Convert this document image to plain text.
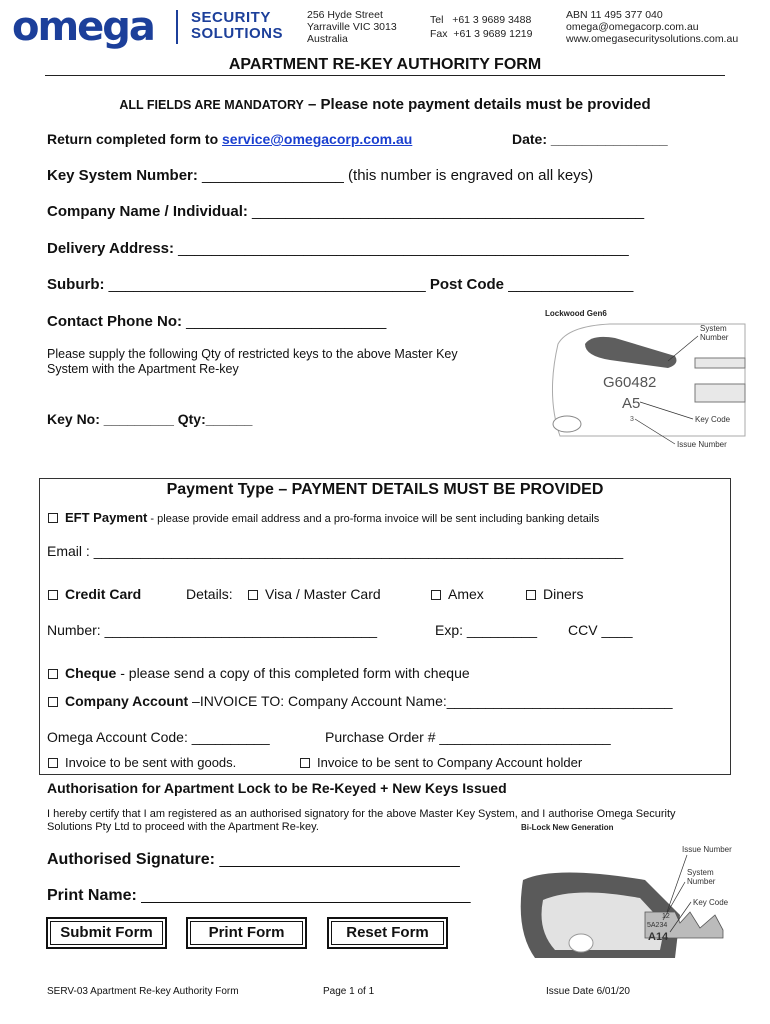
omega SECURITY
SOLUTIONS
256 Hyde Street
Yarraville VIC 3013
Australia
Tel +61 3 9689 3488
Fax +61 3 9689 1219
ABN 11 495 377 040
omega@omegacorp.com.au
www.omegasecuritysolutions.com.au
APARTMENT RE-KEY AUTHORITY FORM
ALL FIELDS ARE MANDATORY – Please note payment details must be provided
Return completed form to service@omegacorp.com.au	Date: _______________
Key System Number: _________________ (this number is engraved on all keys)
Company Name / Individual: _______________________________________________
Delivery Address: ______________________________________________________
Suburb: ______________________________________ Post Code _______________
Contact Phone No: ________________________
Please supply the following Qty of restricted keys to the above Master Key
System with the Apartment Re-key
Key No: _________ Qty:______
Lockwood Gen6
G60482
A5
3
System
Number
Key Code
Issue Number
Payment Type – PAYMENT DETAILS MUST BE PROVIDED
EFT Payment - please provide email address and a pro-forma invoice will be sent including banking details
Email : ____________________________________________________________________
Credit Card	Details:	Visa / Master Card	Amex	Diners
Number: ___________________________________	Exp: _________ CCV ____
Cheque - please send a copy of this completed form with cheque
Company Account –INVOICE TO: Company Account Name:_____________________________
Omega Account Code: __________	Purchase Order # ______________________
Invoice to be sent with goods.	Invoice to be sent to Company Account holder
Authorisation for Apartment Lock to be Re-Keyed + New Keys Issued
I hereby certify that I am registered as an authorised signatory for the above Master Key System, and I authorise Omega Security
Solutions Pty Ltd to proceed with the Apartment Re-key.
Authorised Signature: ___________________________
Print Name: _____________________________________
Bi-Lock New Generation
12
5A234
A14
Issue Number
System
Number
Key Code
Submit Form	Print Form	Reset Form
SERV-03 Apartment Re-key Authority Form	Page 1 of 1	Issue Date 6/01/20
